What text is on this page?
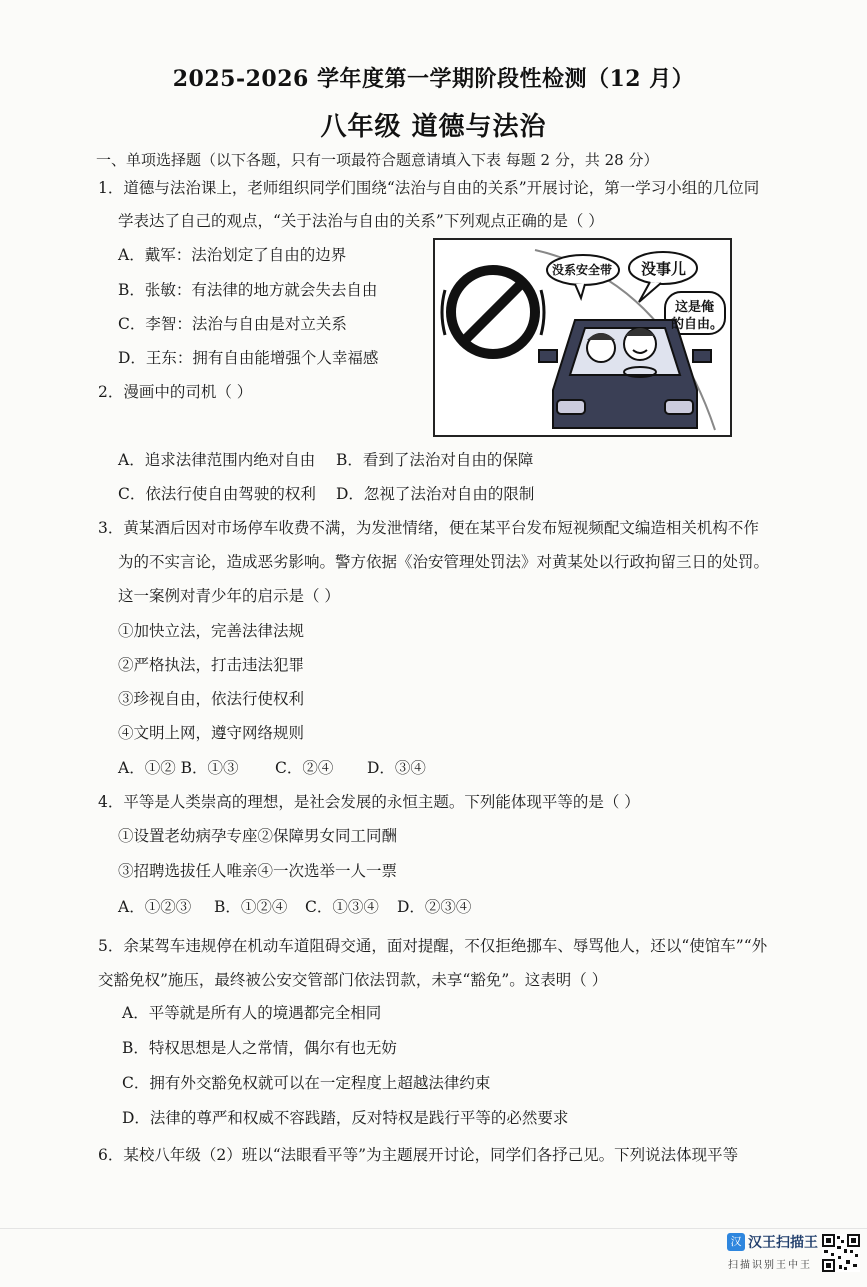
2025-2026 学年度第一学期阶段性检测（12 月）
八年级 道德与法治
一、单项选择题（以下各题，只有一项最符合题意请填入下表 每题 2 分，共 28 分）
1．道德与法治课上，老师组织同学们围绕“法治与自由的关系”开展讨论，第一学习小组的几位同
学表达了自己的观点，“关于法治与自由的关系”下列观点正确的是（ ）
A．戴军：法治划定了自由的边界
B．张敏：有法律的地方就会失去自由
C．李智：法治与自由是对立关系
D．王东：拥有自由能增强个人幸福感
没系安全带 没事儿
这是俺
的自由。
2．漫画中的司机（ ）
A．追求法律范围内绝对自由 B．看到了法治对自由的保障
C．依法行使自由驾驶的权利 D．忽视了法治对自由的限制
3．黄某酒后因对市场停车收费不满，为发泄情绪，便在某平台发布短视频配文编造相关机构不作
为的不实言论，造成恶劣影响。警方依据《治安管理处罚法》对黄某处以行政拘留三日的处罚。
这一案例对青少年的启示是（ ）
①加快立法，完善法律法规
②严格执法，打击违法犯罪
③珍视自由，依法行使权利
④文明上网，遵守网络规则
A．①② B．①③ C．②④ D．③④
4．平等是人类崇高的理想，是社会发展的永恒主题。下列能体现平等的是（ ）
①设置老幼病孕专座②保障男女同工同酬
③招聘选拔任人唯亲④一次选举一人一票
A．①②③ B．①②④ C．①③④ D．②③④
5．余某驾车违规停在机动车道阻碍交通，面对提醒，不仅拒绝挪车、辱骂他人，还以“使馆车”“外
交豁免权”施压，最终被公安交管部门依法罚款，未享“豁免”。这表明（ ）
A．平等就是所有人的境遇都完全相同
B．特权思想是人之常情，偶尔有也无妨
C．拥有外交豁免权就可以在一定程度上超越法律约束
D．法律的尊严和权威不容践踏，反对特权是践行平等的必然要求
6．某校八年级（2）班以“法眼看平等”为主题展开讨论，同学们各抒己见。下列说法体现平等
汉 汉王扫描王
扫描识别王中王
